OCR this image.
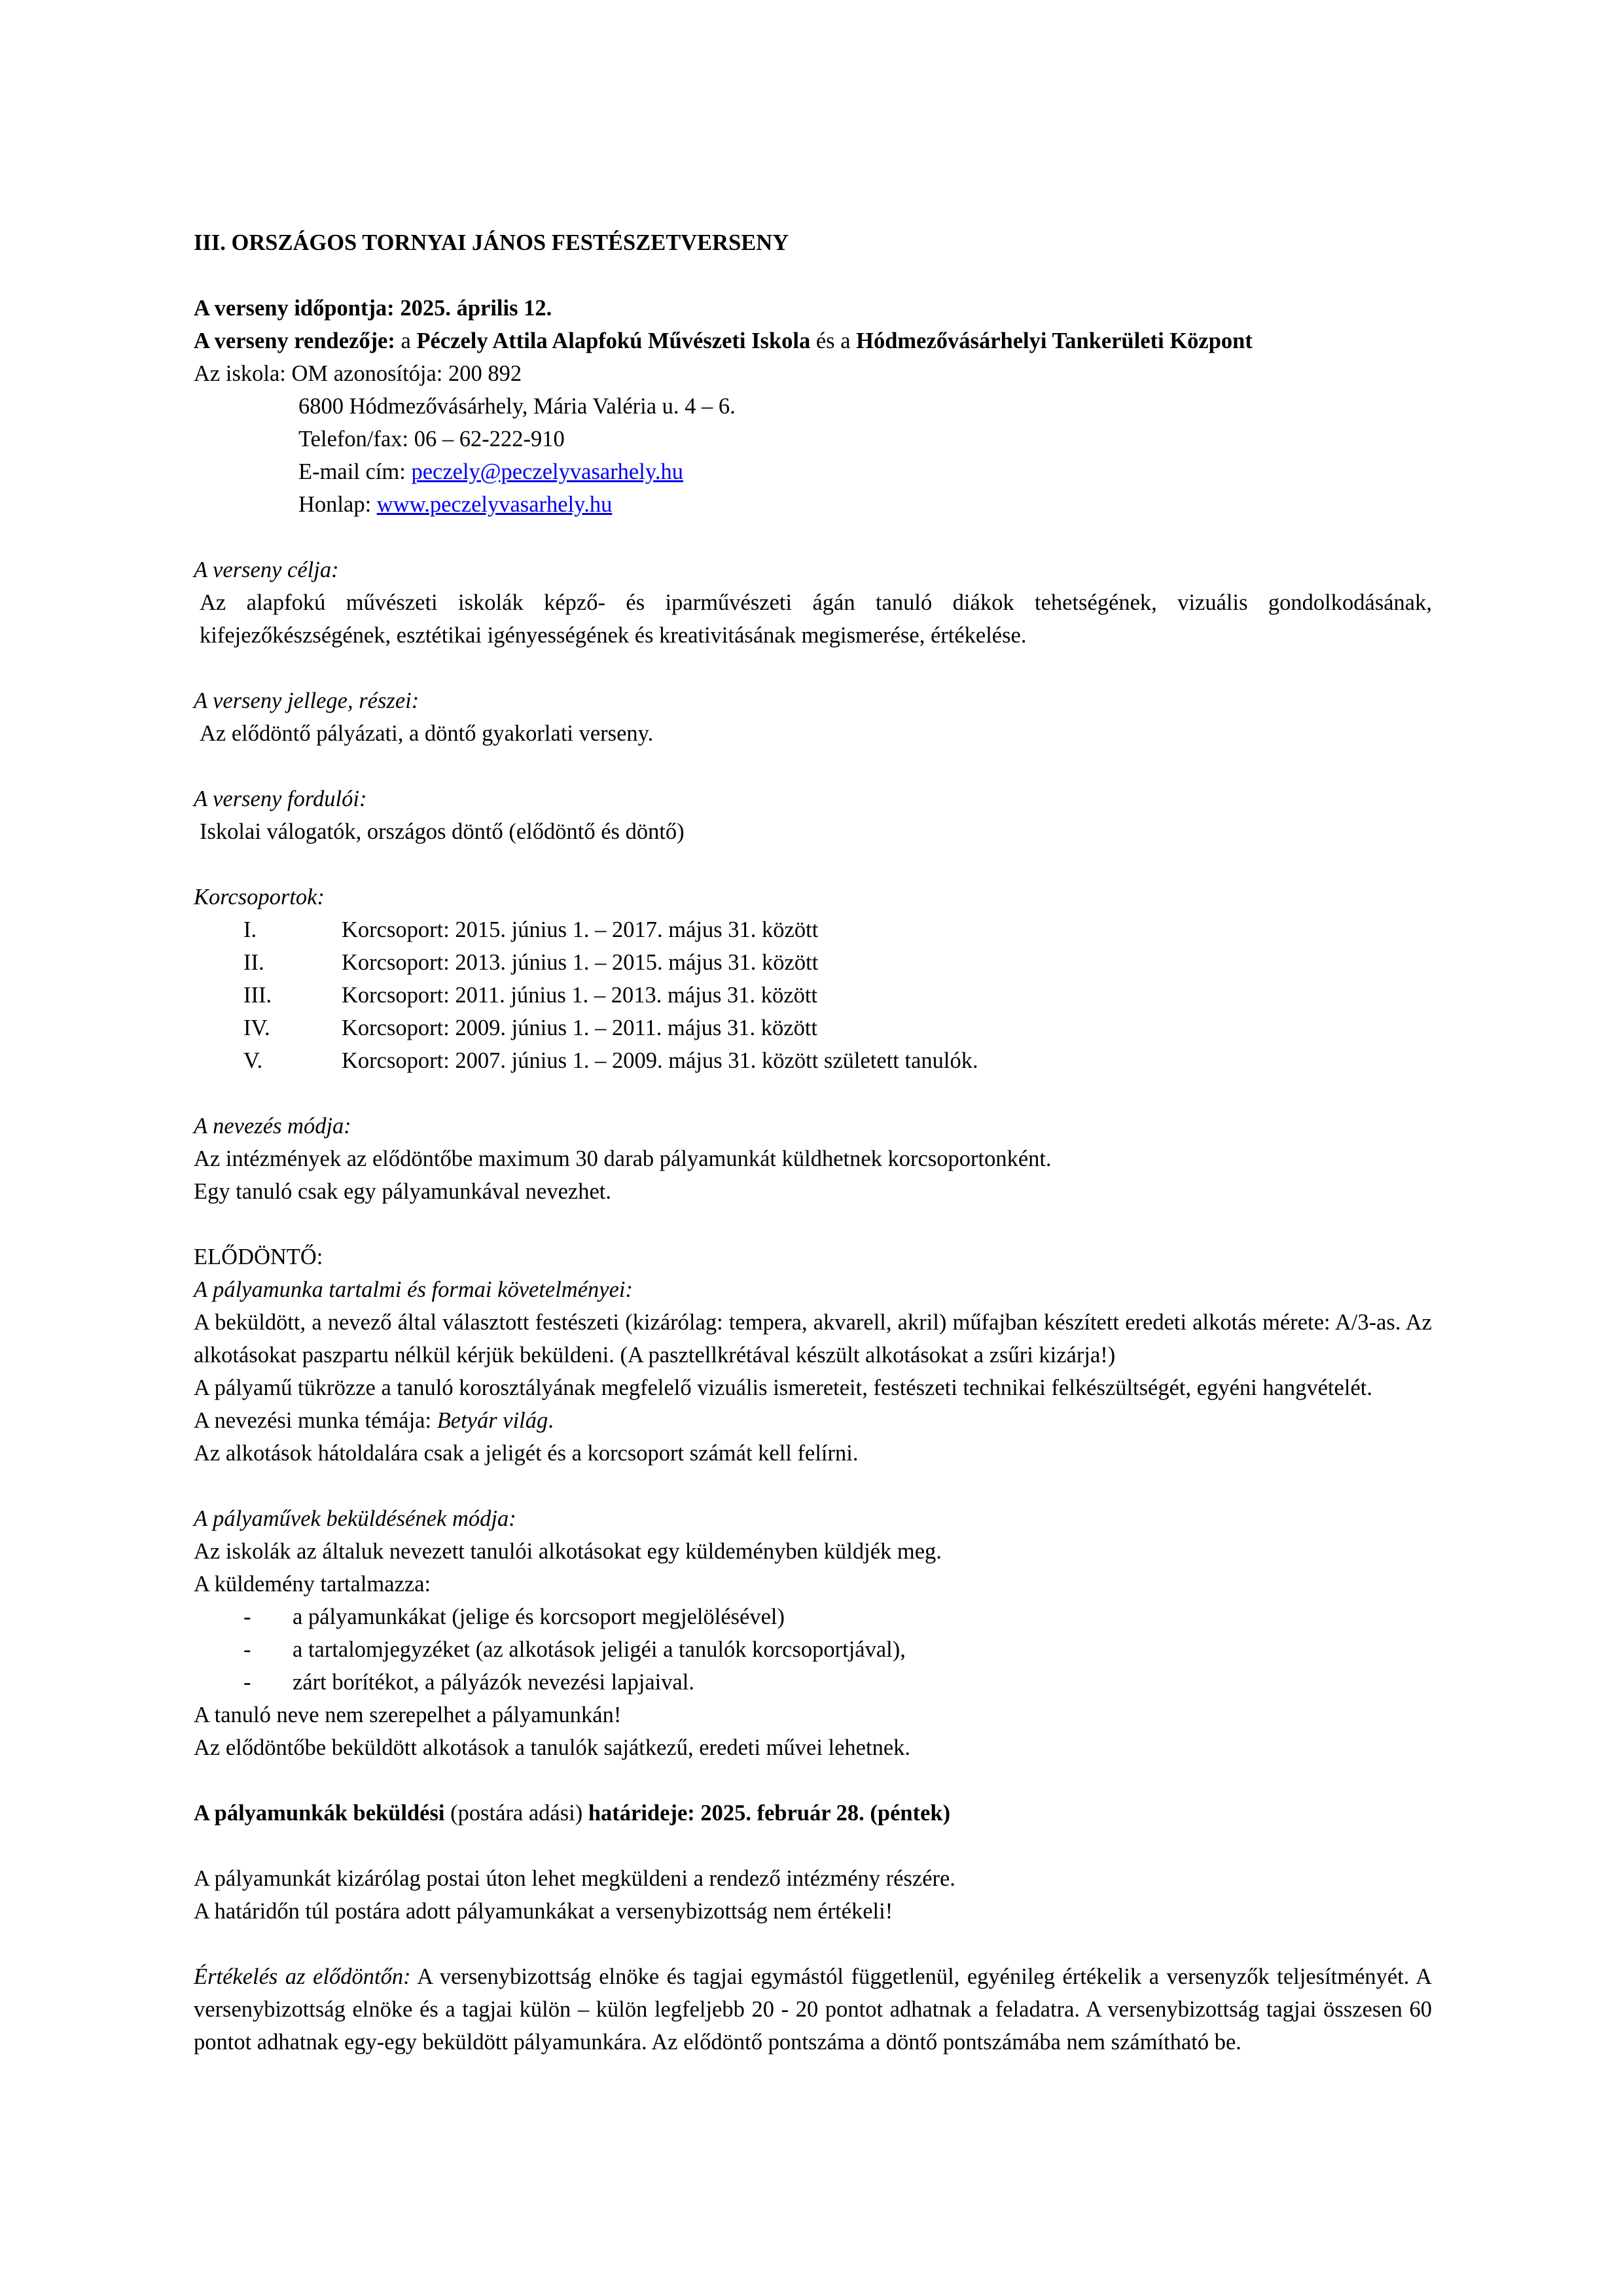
III. ORSZÁGOS TORNYAI JÁNOS FESTÉSZETVERSENY
A verseny időpontja: 2025. április 12.
A verseny rendezője: a Péczely Attila Alapfokú Művészeti Iskola és a Hódmezővásárhelyi Tankerületi Központ
Az iskola: OM azonosítója: 200 892
6800 Hódmezővásárhely, Mária Valéria u. 4 – 6.
Telefon/fax: 06 – 62-222-910
E-mail cím: peczely@peczelyvasarhely.hu
Honlap: www.peczelyvasarhely.hu
A verseny célja:
Az alapfokú művészeti iskolák képző- és iparművészeti ágán tanuló diákok tehetségének, vizuális gondolkodásának, kifejezőkészségének, esztétikai igényességének és kreativitásának megismerése, értékelése.
A verseny jellege, részei:
Az elődöntő pályázati, a döntő gyakorlati verseny.
A verseny fordulói:
Iskolai válogatók, országos döntő (elődöntő és döntő)
Korcsoportok:
I.	Korcsoport: 2015. június 1. – 2017. május 31. között
II.	Korcsoport: 2013. június 1. – 2015. május 31. között
III.	Korcsoport: 2011. június 1. – 2013. május 31. között
IV.	Korcsoport: 2009. június 1. – 2011. május 31. között
V.	Korcsoport: 2007. június 1. – 2009. május 31. között született tanulók.
A nevezés módja:
Az intézmények az elődöntőbe maximum 30 darab pályamunkát küldhetnek korcsoportonként.
Egy tanuló csak egy pályamunkával nevezhet.
ELŐDÖNTŐ:
A pályamunka tartalmi és formai követelményei:
A beküldött, a nevező által választott festészeti (kizárólag: tempera, akvarell, akril) műfajban készített eredeti alkotás mérete: A/3-as. Az alkotásokat paszpartu nélkül kérjük beküldeni. (A pasztellkrétával készült alkotásokat a zsűri kizárja!)
A pályamű tükrözze a tanuló korosztályának megfelelő vizuális ismereteit, festészeti technikai felkészültségét, egyéni hangvételét.
A nevezési munka témája: Betyár világ.
Az alkotások hátoldalára csak a jeligét és a korcsoport számát kell felírni.
A pályaművek beküldésének módja:
Az iskolák az általuk nevezett tanulói alkotásokat egy küldeményben küldjék meg.
A küldemény tartalmazza:
-	a pályamunkákat (jelige és korcsoport megjelölésével)
-	a tartalomjegyzéket (az alkotások jeligéi a tanulók korcsoportjával),
-	zárt borítékot, a pályázók nevezési lapjaival.
A tanuló neve nem szerepelhet a pályamunkán!
Az elődöntőbe beküldött alkotások a tanulók sajátkezű, eredeti művei lehetnek.
A pályamunkák beküldési (postára adási) határideje: 2025. február 28. (péntek)
A pályamunkát kizárólag postai úton lehet megküldeni a rendező intézmény részére.
A határidőn túl postára adott pályamunkákat a versenybizottság nem értékeli!
Értékelés az elődöntőn: A versenybizottság elnöke és tagjai egymástól függetlenül, egyénileg értékelik a versenyzők teljesítményét. A versenybizottság elnöke és a tagjai külön – külön legfeljebb 20 - 20 pontot adhatnak a feladatra. A versenybizottság tagjai összesen 60 pontot adhatnak egy-egy beküldött pályamunkára. Az elődöntő pontszáma a döntő pontszámába nem számítható be.
